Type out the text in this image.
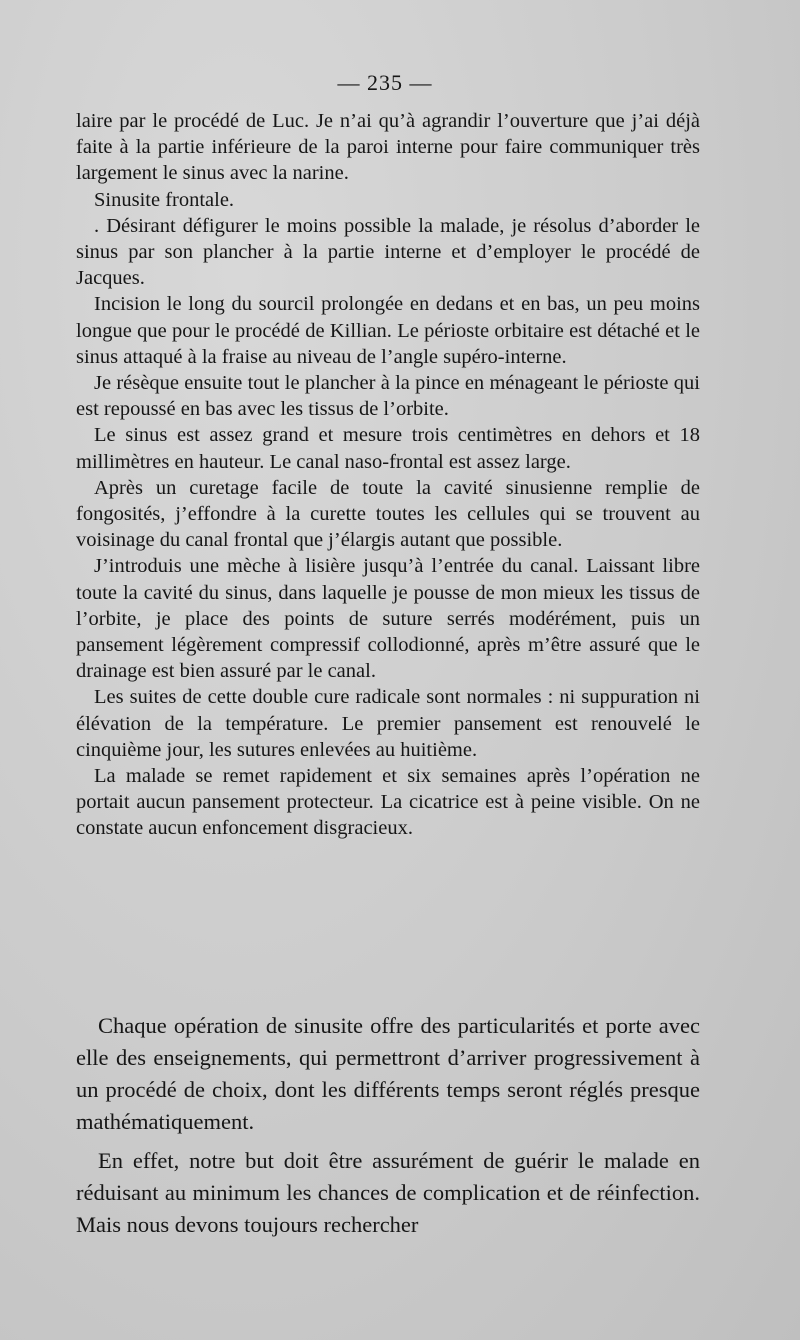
— 235 —

laire par le procédé de Luc. Je n’ai qu’à agrandir l’ouverture que j’ai déjà faite à la partie inférieure de la paroi interne pour faire communiquer très largement le sinus avec la narine.

Sinusite frontale.

. Désirant défigurer le moins possible la malade, je résolus d’aborder le sinus par son plancher à la partie interne et d’employer le procédé de Jacques.

Incision le long du sourcil prolongée en dedans et en bas, un peu moins longue que pour le procédé de Killian. Le périoste orbitaire est détaché et le sinus attaqué à la fraise au niveau de l’angle supéro-interne.

Je résèque ensuite tout le plancher à la pince en ménageant le périoste qui est repoussé en bas avec les tissus de l’orbite.

Le sinus est assez grand et mesure trois centimètres en dehors et 18 millimètres en hauteur. Le canal naso-frontal est assez large.

Après un curetage facile de toute la cavité sinusienne remplie de fongosités, j’effondre à la curette toutes les cellules qui se trouvent au voisinage du canal frontal que j’élargis autant que possible.

J’introduis une mèche à lisière jusqu’à l’entrée du canal. Laissant libre toute la cavité du sinus, dans laquelle je pousse de mon mieux les tissus de l’orbite, je place des points de suture serrés modérément, puis un pansement légèrement compressif collodionné, après m’être assuré que le drainage est bien assuré par le canal.

Les suites de cette double cure radicale sont normales : ni suppuration ni élévation de la température. Le premier pansement est renouvelé le cinquième jour, les sutures enlevées au huitième.

La malade se remet rapidement et six semaines après l’opération ne portait aucun pansement protecteur. La cicatrice est à peine visible. On ne constate aucun enfoncement disgracieux.

Chaque opération de sinusite offre des particularités et porte avec elle des enseignements, qui permettront d’arriver progressivement à un procédé de choix, dont les différents temps seront réglés presque mathématiquement.

En effet, notre but doit être assurément de guérir le malade en réduisant au minimum les chances de complication et de réinfection. Mais nous devons toujours rechercher
